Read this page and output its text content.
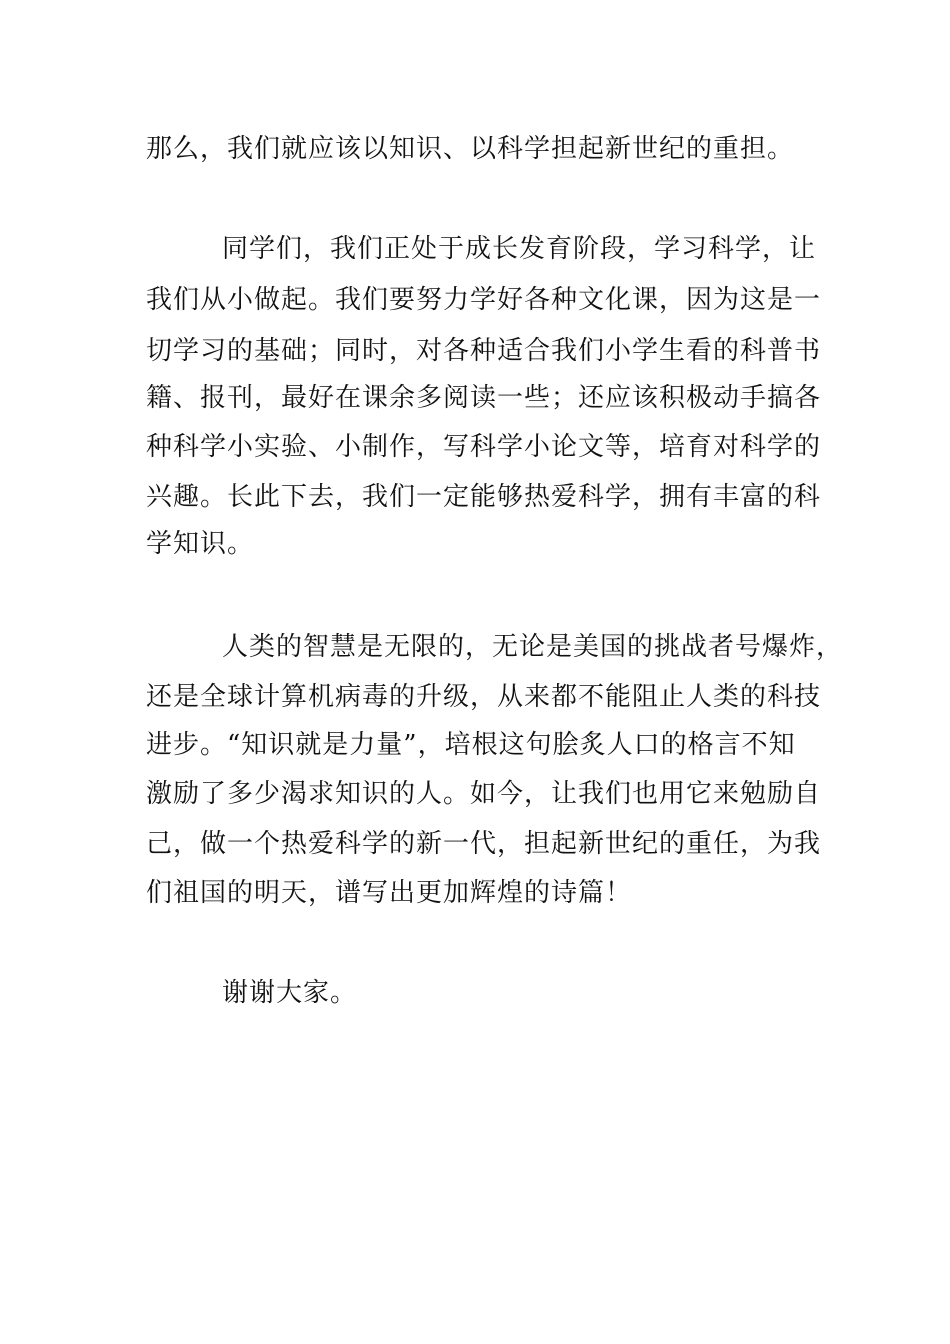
那么，我们就应该以知识、以科学担起新世纪的重担。
同学们，我们正处于成长发育阶段，学习科学，让
我们从小做起。我们要努力学好各种文化课，因为这是一
切学习的基础；同时，对各种适合我们小学生看的科普书
籍、报刊，最好在课余多阅读一些；还应该积极动手搞各
种科学小实验、小制作，写科学小论文等，培育对科学的
兴趣。长此下去，我们一定能够热爱科学，拥有丰富的科
学知识。
人类的智慧是无限的，无论是美国的挑战者号爆炸，
还是全球计算机病毒的升级，从来都不能阻止人类的科技
进步。“知识就是力量”，培根这句脍炙人口的格言不知
激励了多少渴求知识的人。如今，让我们也用它来勉励自
己，做一个热爱科学的新一代，担起新世纪的重任，为我
们祖国的明天，谱写出更加辉煌的诗篇！
谢谢大家。
